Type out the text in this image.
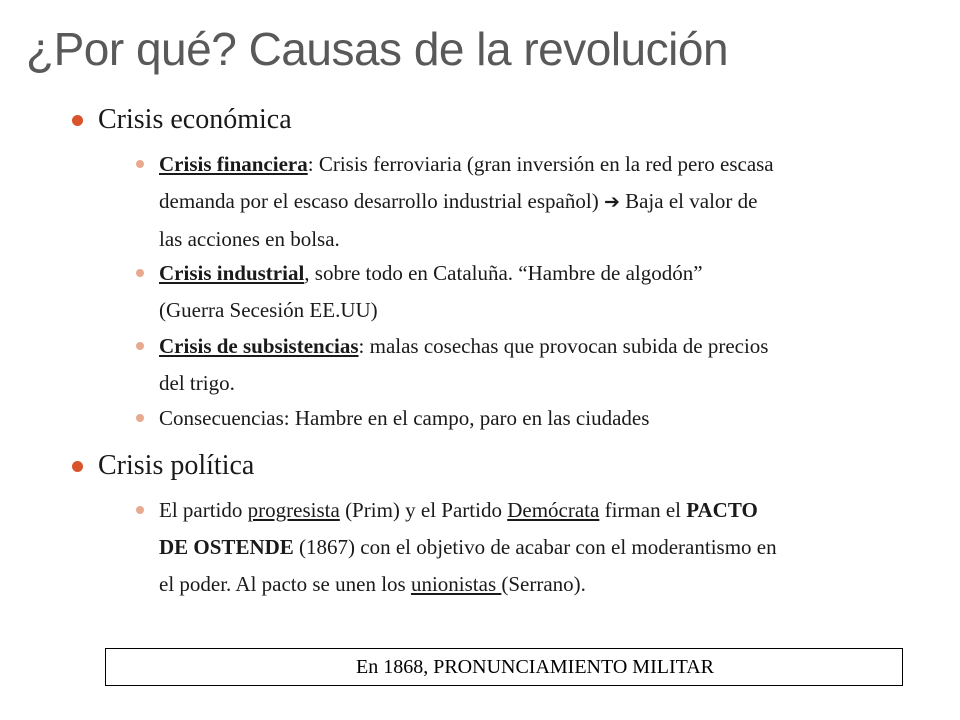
¿Por qué? Causas de la revolución
Crisis económica
Crisis financiera: Crisis ferroviaria (gran inversión en la red pero escasa
demanda por el escaso desarrollo industrial español) ➔ Baja el valor de
las acciones en bolsa.
Crisis industrial, sobre todo en Cataluña. “Hambre de algodón”
(Guerra Secesión EE.UU)
Crisis de subsistencias: malas cosechas que provocan subida de precios
del trigo.
Consecuencias: Hambre en el campo, paro en las ciudades
Crisis política
El partido progresista (Prim) y el Partido Demócrata firman el PACTO
DE OSTENDE (1867) con el objetivo de acabar con el moderantismo en
el poder. Al pacto se unen los unionistas (Serrano).
En 1868, PRONUNCIAMIENTO MILITAR
